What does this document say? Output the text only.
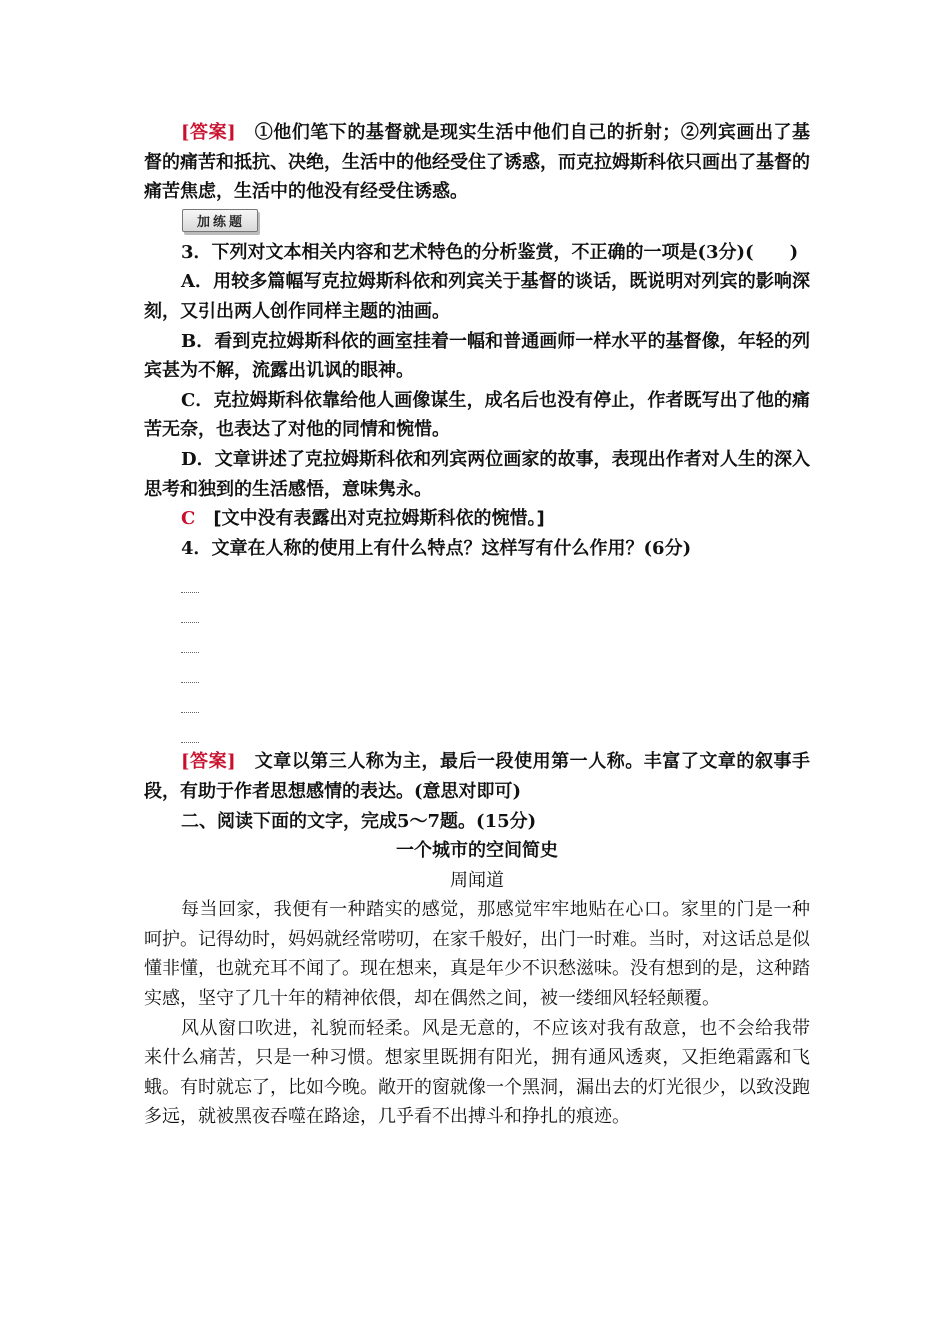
[答案]　 ①他们笔下的基督就是现实生活中他们自己的折射；②列宾画出了基督的痛苦和抵抗、决绝，生活中的他经受住了诱惑，而克拉姆斯科依只画出了基督的痛苦焦虑，生活中的他没有经受住诱惑。

加练题

3．下列对文本相关内容和艺术特色的分析鉴赏，不正确的一项是(3分)(　　)

A．用较多篇幅写克拉姆斯科依和列宾关于基督的谈话，既说明对列宾的影响深刻，又引出两人创作同样主题的油画。

B．看到克拉姆斯科依的画室挂着一幅和普通画师一样水平的基督像，年轻的列宾甚为不解，流露出讥讽的眼神。

C．克拉姆斯科依靠给他人画像谋生，成名后也没有停止，作者既写出了他的痛苦无奈，也表达了对他的同情和惋惜。

D．文章讲述了克拉姆斯科依和列宾两位画家的故事，表现出作者对人生的深入思考和独到的生活感悟，意味隽永。

C　 [文中没有表露出对克拉姆斯科依的惋惜。]

4．文章在人称的使用上有什么特点？这样写有什么作用？(6分)

[答案]　 文章以第三人称为主，最后一段使用第一人称。丰富了文章的叙事手段，有助于作者思想感情的表达。(意思对即可)

二、阅读下面的文字，完成5～7题。(15分)

一个城市的空间简史

周闻道

每当回家，我便有一种踏实的感觉，那感觉牢牢地贴在心口。家里的门是一种呵护。记得幼时，妈妈就经常唠叨，在家千般好，出门一时难。当时，对这话总是似懂非懂，也就充耳不闻了。现在想来，真是年少不识愁滋味。没有想到的是，这种踏实感，坚守了几十年的精神依偎，却在偶然之间，被一缕细风轻轻颠覆。

风从窗口吹进，礼貌而轻柔。风是无意的，不应该对我有敌意，也不会给我带来什么痛苦，只是一种习惯。想家里既拥有阳光，拥有通风透爽，又拒绝霜露和飞蛾。有时就忘了，比如今晚。敞开的窗就像一个黑洞，漏出去的灯光很少，以致没跑多远，就被黑夜吞噬在路途，几乎看不出搏斗和挣扎的痕迹。
